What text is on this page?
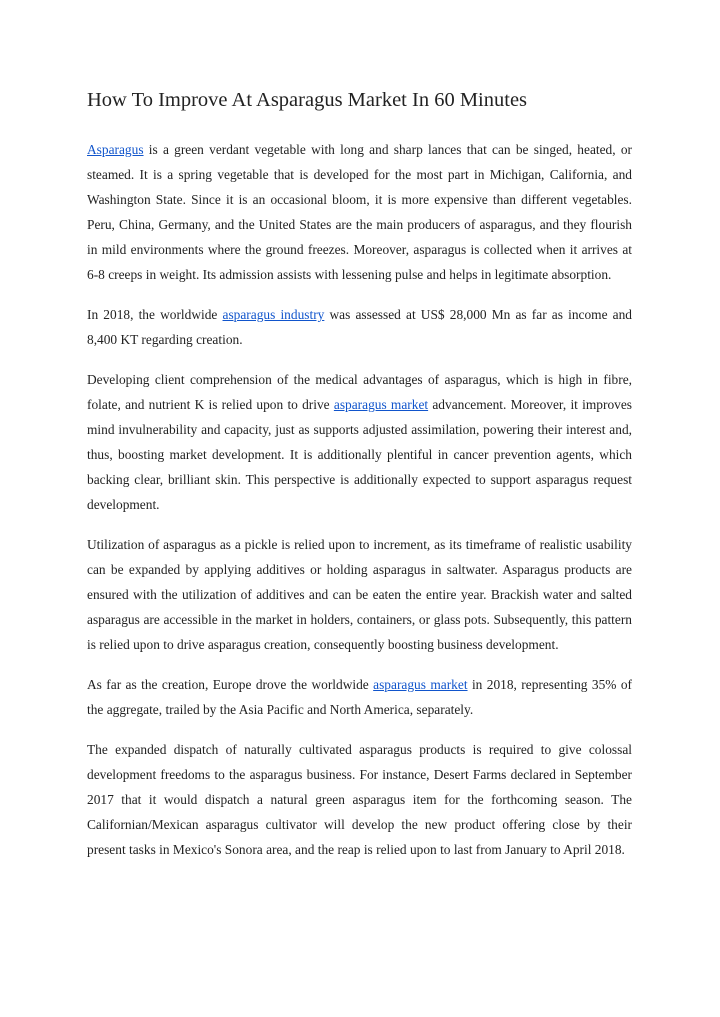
How To Improve At Asparagus Market In 60 Minutes

Asparagus is a green verdant vegetable with long and sharp lances that can be singed, heated, or steamed. It is a spring vegetable that is developed for the most part in Michigan, California, and Washington State. Since it is an occasional bloom, it is more expensive than different vegetables. Peru, China, Germany, and the United States are the main producers of asparagus, and they flourish in mild environments where the ground freezes. Moreover, asparagus is collected when it arrives at 6-8 creeps in weight. Its admission assists with lessening pulse and helps in legitimate absorption.

In 2018, the worldwide asparagus industry was assessed at US$ 28,000 Mn as far as income and 8,400 KT regarding creation.

Developing client comprehension of the medical advantages of asparagus, which is high in fibre, folate, and nutrient K is relied upon to drive asparagus market advancement. Moreover, it improves mind invulnerability and capacity, just as supports adjusted assimilation, powering their interest and, thus, boosting market development. It is additionally plentiful in cancer prevention agents, which backing clear, brilliant skin. This perspective is additionally expected to support asparagus request development.

Utilization of asparagus as a pickle is relied upon to increment, as its timeframe of realistic usability can be expanded by applying additives or holding asparagus in saltwater. Asparagus products are ensured with the utilization of additives and can be eaten the entire year. Brackish water and salted asparagus are accessible in the market in holders, containers, or glass pots. Subsequently, this pattern is relied upon to drive asparagus creation, consequently boosting business development.

As far as the creation, Europe drove the worldwide asparagus market in 2018, representing 35% of the aggregate, trailed by the Asia Pacific and North America, separately.

The expanded dispatch of naturally cultivated asparagus products is required to give colossal development freedoms to the asparagus business. For instance, Desert Farms declared in September 2017 that it would dispatch a natural green asparagus item for the forthcoming season. The Californian/Mexican asparagus cultivator will develop the new product offering close by their present tasks in Mexico's Sonora area, and the reap is relied upon to last from January to April 2018.
